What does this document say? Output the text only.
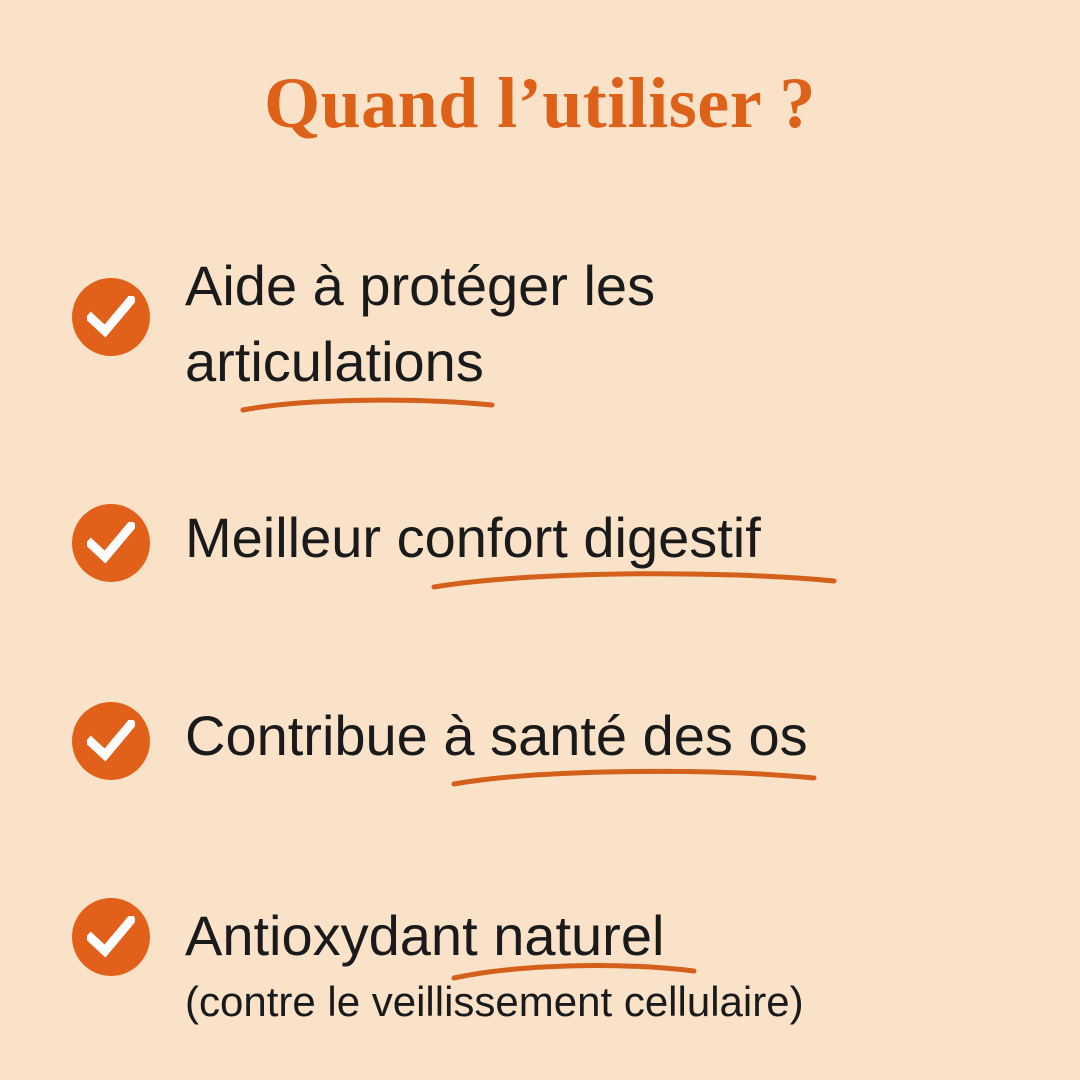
Quand l’utiliser ?
Aide à protéger les
articulations
Meilleur confort digestif
Contribue à santé des os
Antioxydant naturel
(contre le veillissement cellulaire)
